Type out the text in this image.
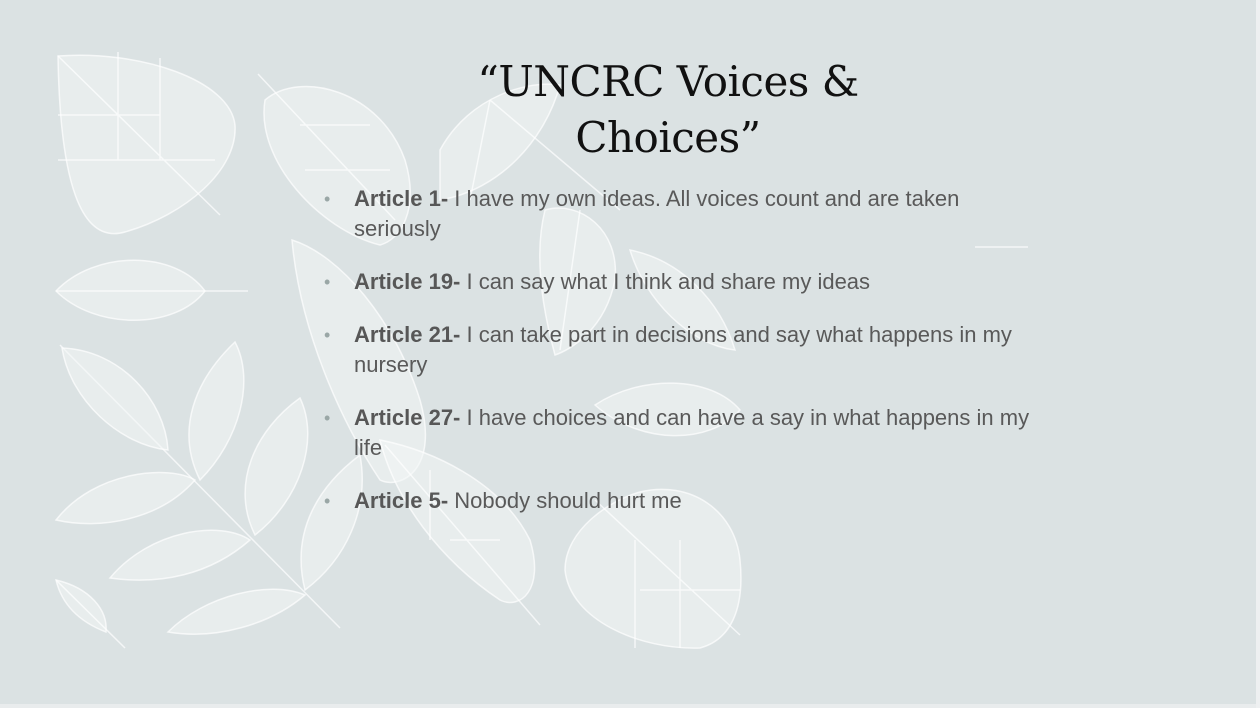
“UNCRC Voices & Choices”
• Article 1- I have my own ideas. All voices count and are taken seriously
• Article 19- I can say what I think and share my ideas
• Article 21- I can take part in decisions and say what happens in my nursery
• Article 27- I have choices and can have a say in what happens in my life
• Article 5- Nobody should hurt me
